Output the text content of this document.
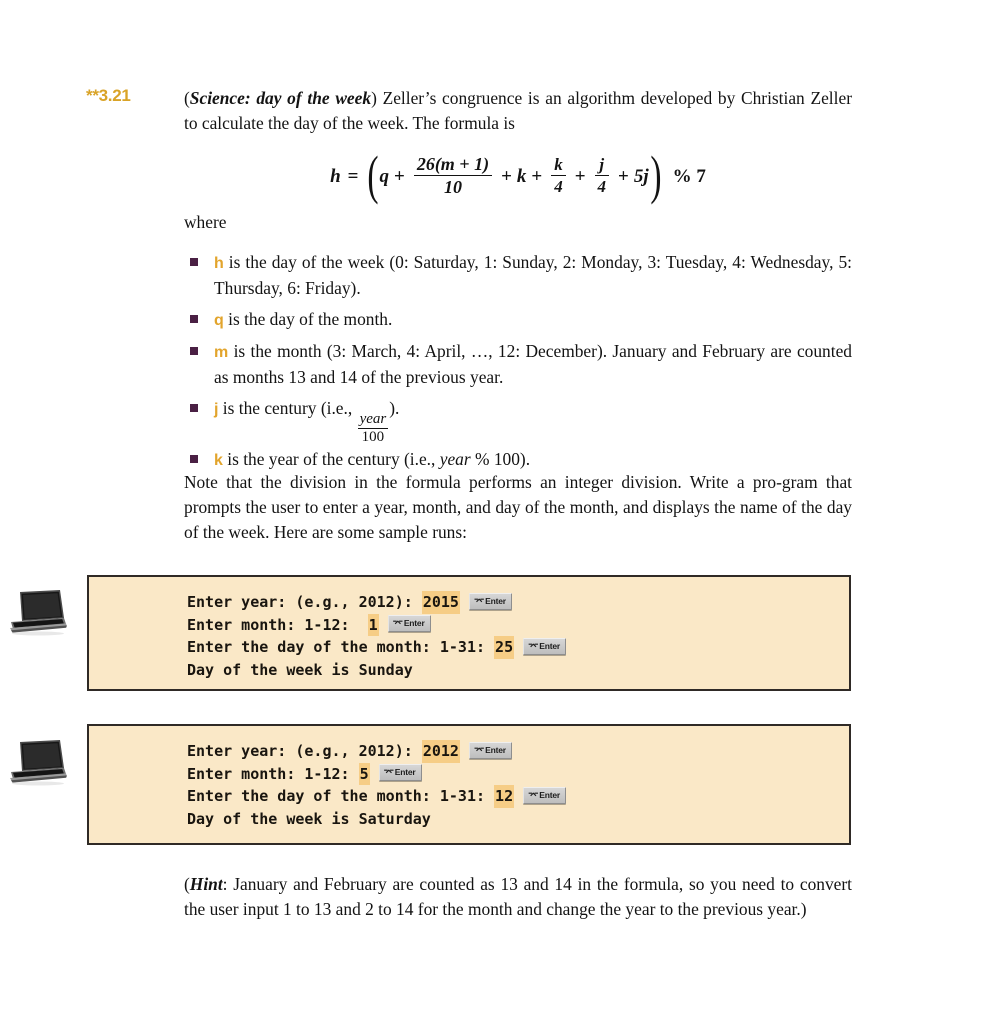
**3.21	(Science: day of the week) Zeller’s congruence is an algorithm developed by Christian Zeller to calculate the day of the week. The formula is
h = ( $q + \frac{26(m + 1)}{10} + k + \frac{k}{4} + \frac{j}{4} + 5j$ ) % 7
where
h is the day of the week (0: Saturday, 1: Sunday, 2: Monday, 3: Tuesday, 4: Wednesday, 5: Thursday, 6: Friday).
q is the day of the month.
m is the month (3: March, 4: April, …, 12: December). January and February are counted as months 13 and 14 of the previous year.
j is the century (i.e.,
$\frac{\text{year}}{100}$
).
k is the year of the century (i.e., year % 100).
Note that the division in the formula performs an integer division. Write a pro-gram that prompts the user to enter a year, month, and day of the month, and displays the name of the day of the week. Here are some sample runs:
Enter year: (e.g., 2012): 2015	⌤Enter
Enter month: 1-12: 1	⌤Enter
Enter the day of the month: 1-31: 25	⌤Enter
Day of the week is Sunday
Enter year: (e.g., 2012): 2012	⌤Enter
Enter month: 1-12: 5	⌤Enter
Enter the day of the month: 1-31: 12	⌤Enter
Day of the week is Saturday
(Hint: January and February are counted as 13 and 14 in the formula, so you need to convert the user input 1 to 13 and 2 to 14 for the month and change the year to the previous year.)
